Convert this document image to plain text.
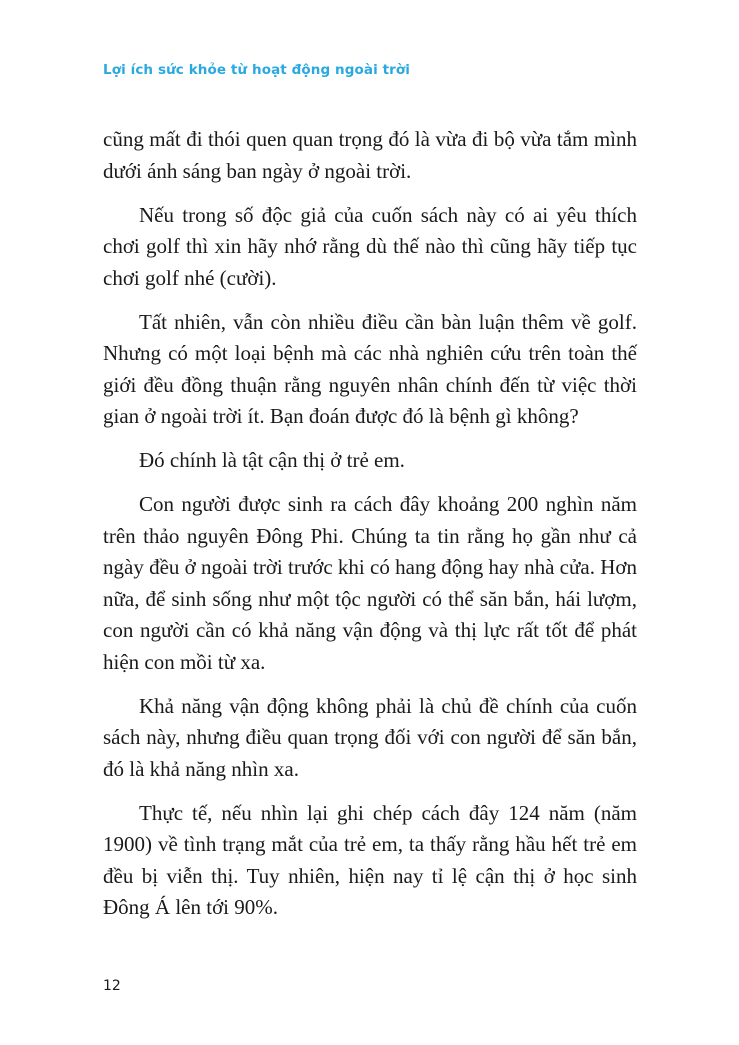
Lợi ích sức khỏe từ hoạt động ngoài trời

cũng mất đi thói quen quan trọng đó là vừa đi bộ vừa tắm mình dưới ánh sáng ban ngày ở ngoài trời.

Nếu trong số độc giả của cuốn sách này có ai yêu thích chơi golf thì xin hãy nhớ rằng dù thế nào thì cũng hãy tiếp tục chơi golf nhé (cười).

Tất nhiên, vẫn còn nhiều điều cần bàn luận thêm về golf. Nhưng có một loại bệnh mà các nhà nghiên cứu trên toàn thế giới đều đồng thuận rằng nguyên nhân chính đến từ việc thời gian ở ngoài trời ít. Bạn đoán được đó là bệnh gì không?

Đó chính là tật cận thị ở trẻ em.

Con người được sinh ra cách đây khoảng 200 nghìn năm trên thảo nguyên Đông Phi. Chúng ta tin rằng họ gần như cả ngày đều ở ngoài trời trước khi có hang động hay nhà cửa. Hơn nữa, để sinh sống như một tộc người có thể săn bắn, hái lượm, con người cần có khả năng vận động và thị lực rất tốt để phát hiện con mồi từ xa.

Khả năng vận động không phải là chủ đề chính của cuốn sách này, nhưng điều quan trọng đối với con người để săn bắn, đó là khả năng nhìn xa.

Thực tế, nếu nhìn lại ghi chép cách đây 124 năm (năm 1900) về tình trạng mắt của trẻ em, ta thấy rằng hầu hết trẻ em đều bị viễn thị. Tuy nhiên, hiện nay tỉ lệ cận thị ở học sinh Đông Á lên tới 90%.

12
